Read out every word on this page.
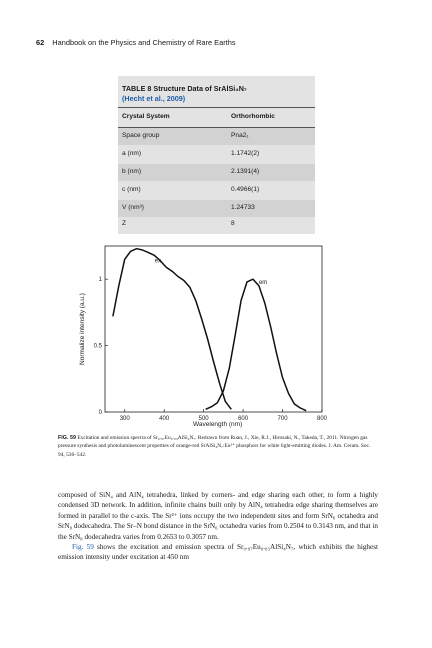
62 Handbook on the Physics and Chemistry of Rare Earths
TABLE 8 Structure Data of SrAlSi₄N₇
(Hecht et al., 2009)
Crystal System	Orthorhombic
Space group	Pna2₁
a (nm)	1.1742(2)
b (nm)	2.1391(4)
c (nm)	0.4966(1)
V (nm³)	1.24733
Z	8
300	400	500	600	700	800
0
0.5
1
ex.
em
Wavelength (nm)
Normalize intensity (a.u.)
FIG. 59 Excitation and emission spectra of Sr₀.₉₇Eu₀.₀₃AlSi₄N₇. Redrawn from Ruan, J., Xie, R.J., Hirosaki, N., Takeda, T., 2011. Nitrogen gas pressure synthesis and photoluminescent properties of orange-red SrAlSi₄N₇:Eu²⁺ phosphors for white light-emitting diodes. J. Am. Ceram. Soc. 94, 536–542.

composed of SiN₄ and AlN₄ tetrahedra, linked by corners- and edge sharing each other, to form a highly condensed 3D network. In addition, infinite chains built only by AlN₄ tetrahedra edge sharing themselves are formed in parallel to the c-axis. The Sr²⁺ ions occupy the two independent sites and form SrN₆ octahedra and SrN₈ dodecahedra. The Sr–N bond distance in the SrN₆ octahedra varies from 0.2504 to 0.3143 nm, and that in the SrN₈ dodecahedra varies from 0.2653 to 0.3057 nm.

Fig. 59 shows the excitation and emission spectra of Sr₀.₉₇Eu₀.₀₃AlSi₄N₇, which exhibits the highest emission intensity under excitation at 450 nm
